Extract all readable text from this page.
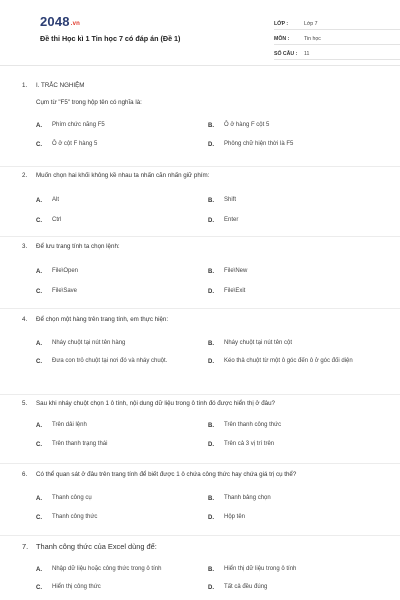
2048.vn
Đề thi Học kì 1 Tin học 7 có đáp án (Đề 1)
LỚP :	Lớp 7
MÔN :	Tin học
SỐ CÂU :	11
1.	I. TRẮC NGHIỆM
Cụm từ "F5" trong hộp tên có nghĩa là:
A.	Phím chức năng F5	B.	Ô ở hàng F cột 5
C.	Ô ở cột F hàng 5	D.	Phông chữ hiện thời là F5
2.	Muốn chọn hai khối không kề nhau ta nhấn căn nhấn giữ phím:
A.	Alt	B.	Shift
C.	Ctrl	D.	Enter
3.	Để lưu trang tính ta chọn lệnh:
A.	File\Open	B.	File\New
C.	File\Save	D.	File\Exit
4.	Để chọn một hàng trên trang tính, em thực hiện:
A.	Nháy chuột tại nút tên hàng	B.	Nháy chuột tại nút tên cột
C.	Đưa con trỏ chuột tại nơi đó và nháy chuột.	D.	Kéo thả chuột từ một ô góc đến ô ở góc đối diện
5.	Sau khi nháy chuột chọn 1 ô tính, nội dung dữ liệu trong ô tính đó được hiển thị ở đâu?
A.	Trên dải lệnh	B.	Trên thanh công thức
C.	Trên thanh trạng thái	D.	Trên cả 3 vị trí trên
6.	Có thể quan sát ở đâu trên trang tính để biết được 1 ô chứa công thức hay chứa giá trị cụ thể?
A.	Thanh công cụ	B.	Thanh bảng chọn
C.	Thanh công thức	D.	Hộp tên
7.	Thanh công thức của Excel dùng để:
A.	Nhập dữ liệu hoặc công thức trong ô tính	B.	Hiển thị dữ liệu trong ô tính
C.	Hiển thị công thức	D.	Tất cả đều đúng
